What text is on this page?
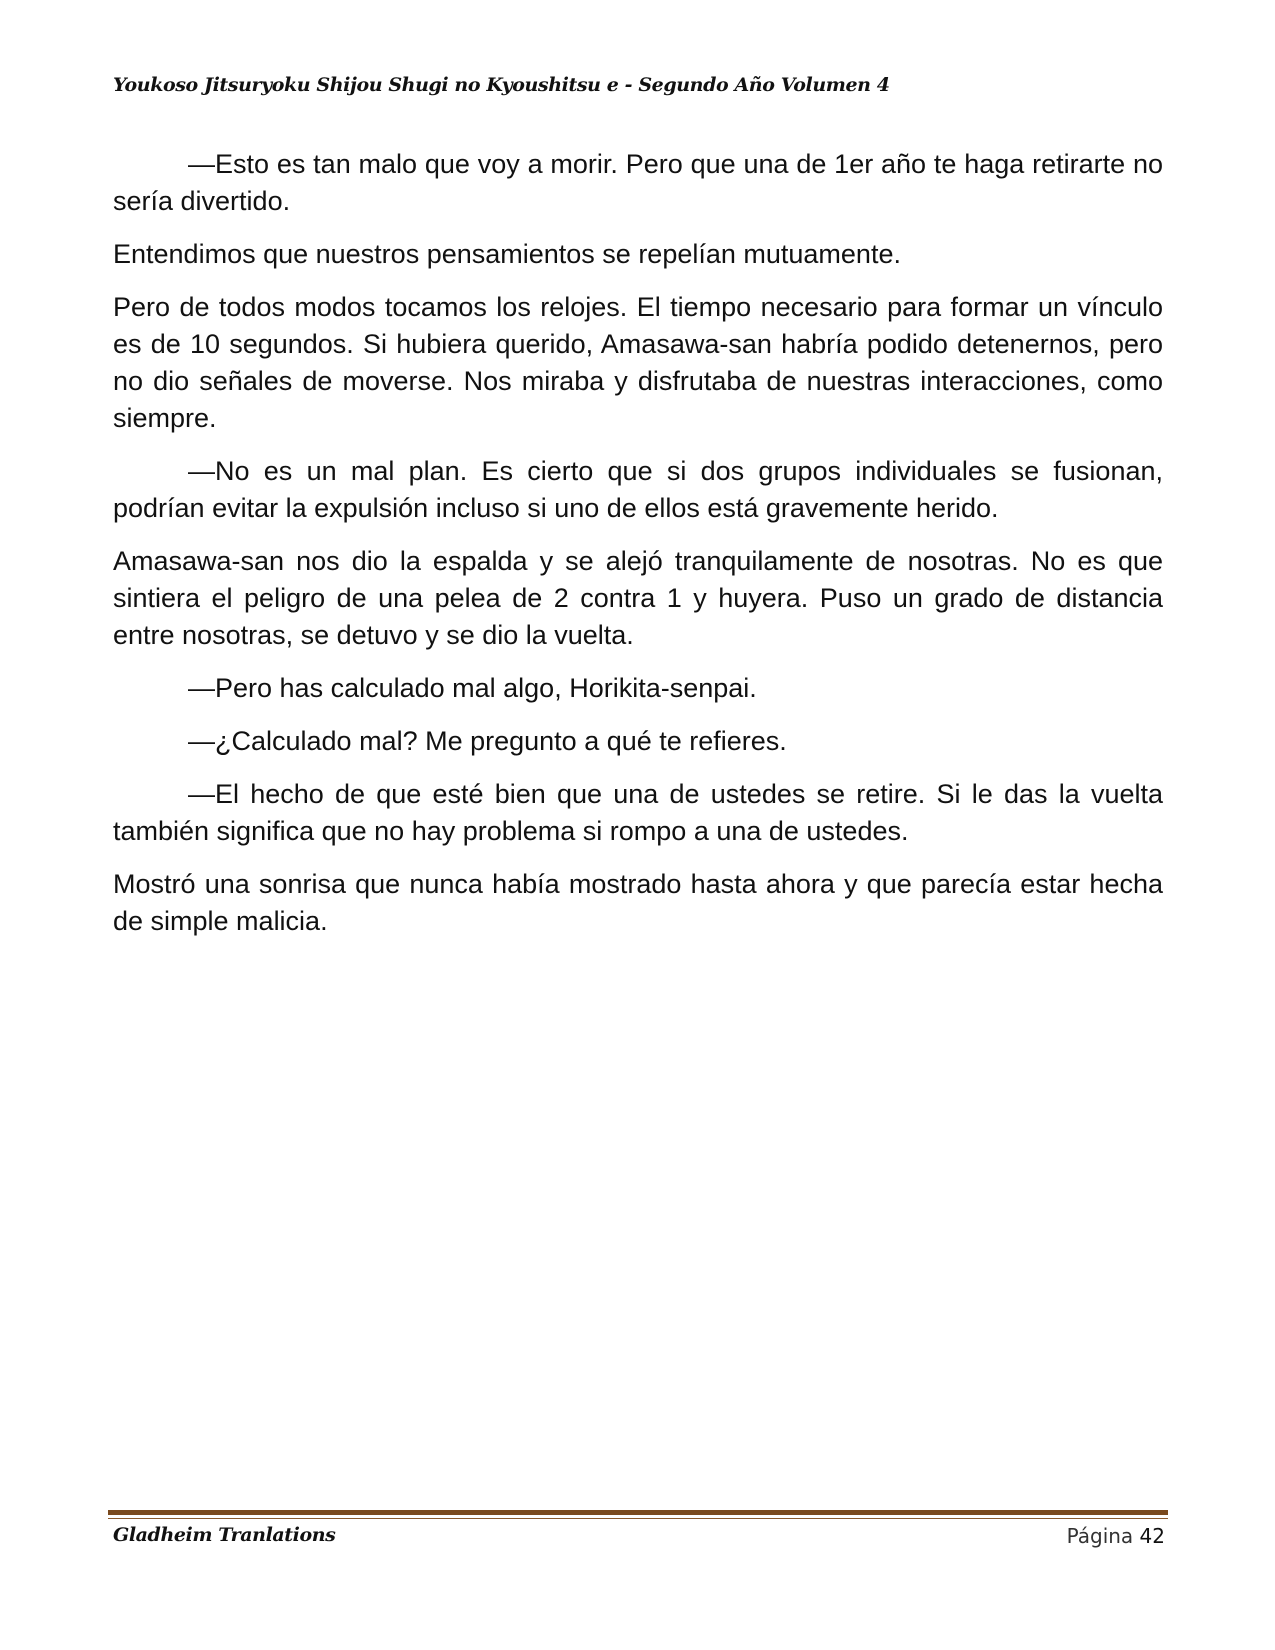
Youkoso Jitsuryoku Shijou Shugi no Kyoushitsu e - Segundo Año Volumen 4

—Esto es tan malo que voy a morir. Pero que una de 1er año te haga retirarte no sería divertido.

Entendimos que nuestros pensamientos se repelían mutuamente.

Pero de todos modos tocamos los relojes. El tiempo necesario para formar un vínculo es de 10 segundos. Si hubiera querido, Amasawa-san habría podido detenernos, pero no dio señales de moverse. Nos miraba y disfrutaba de nuestras interacciones, como siempre.

—No es un mal plan. Es cierto que si dos grupos individuales se fusionan, podrían evitar la expulsión incluso si uno de ellos está gravemente herido.

Amasawa-san nos dio la espalda y se alejó tranquilamente de nosotras. No es que sintiera el peligro de una pelea de 2 contra 1 y huyera. Puso un grado de distancia entre nosotras, se detuvo y se dio la vuelta.

—Pero has calculado mal algo, Horikita-senpai.

—¿Calculado mal? Me pregunto a qué te refieres.

—El hecho de que esté bien que una de ustedes se retire. Si le das la vuelta también significa que no hay problema si rompo a una de ustedes.

Mostró una sonrisa que nunca había mostrado hasta ahora y que parecía estar hecha de simple malicia.

Gladheim Tranlations	Página 42
